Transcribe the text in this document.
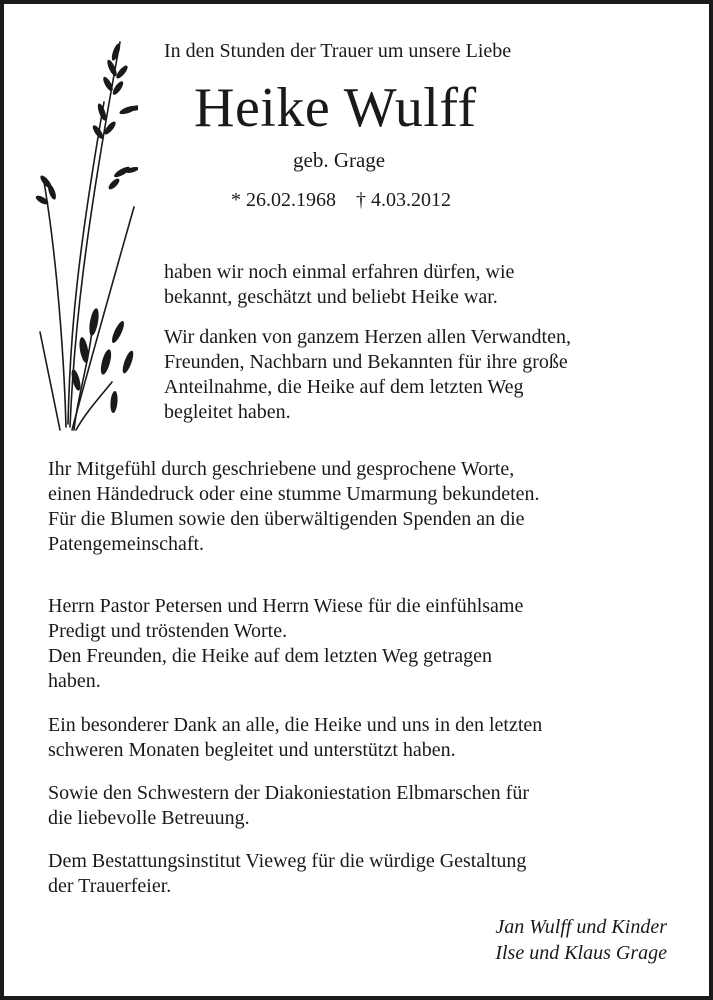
In den Stunden der Trauer um unsere Liebe

Heike Wulff

geb. Grage

* 26.02.1968 † 4.03.2012

haben wir noch einmal erfahren dürfen, wie
bekannt, geschätzt und beliebt Heike war.

Wir danken von ganzem Herzen allen Verwandten,
Freunden, Nachbarn und Bekannten für ihre große
Anteilnahme, die Heike auf dem letzten Weg
begleitet haben.

Ihr Mitgefühl durch geschriebene und gesprochene Worte,
einen Händedruck oder eine stumme Umarmung bekundeten.
Für die Blumen sowie den überwältigenden Spenden an die
Patengemeinschaft.

Herrn Pastor Petersen und Herrn Wiese für die einfühlsame
Predigt und tröstenden Worte.
Den Freunden, die Heike auf dem letzten Weg getragen
haben.

Ein besonderer Dank an alle, die Heike und uns in den letzten
schweren Monaten begleitet und unterstützt haben.

Sowie den Schwestern der Diakoniestation Elbmarschen für
die liebevolle Betreuung.

Dem Bestattungsinstitut Vieweg für die würdige Gestaltung
der Trauerfeier.

Jan Wulff und Kinder
Ilse und Klaus Grage
